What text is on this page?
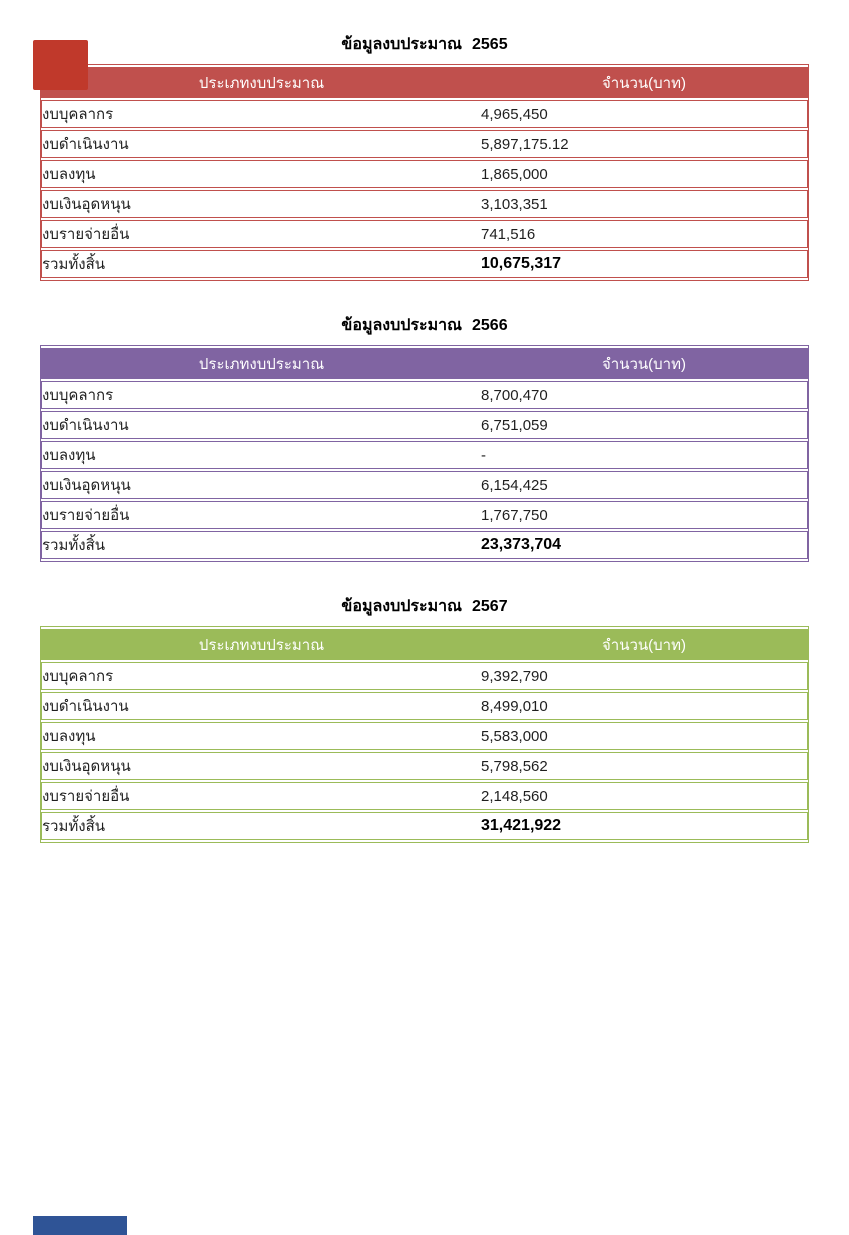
ข้อมูลงบประมาณ 2565
ประเภทงบประมาณ	จำนวน(บาท)
งบบุคลากร	4,965,450
งบดำเนินงาน	5,897,175.12
งบลงทุน	1,865,000
งบเงินอุดหนุน	3,103,351
งบรายจ่ายอื่น	741,516
รวมทั้งสิ้น	10,675,317
ข้อมูลงบประมาณ 2566
ประเภทงบประมาณ	จำนวน(บาท)
งบบุคลากร	8,700,470
งบดำเนินงาน	6,751,059
งบลงทุน	-
งบเงินอุดหนุน	6,154,425
งบรายจ่ายอื่น	1,767,750
รวมทั้งสิ้น	23,373,704
ข้อมูลงบประมาณ 2567
ประเภทงบประมาณ	จำนวน(บาท)
งบบุคลากร	9,392,790
งบดำเนินงาน	8,499,010
งบลงทุน	5,583,000
งบเงินอุดหนุน	5,798,562
งบรายจ่ายอื่น	2,148,560
รวมทั้งสิ้น	31,421,922
